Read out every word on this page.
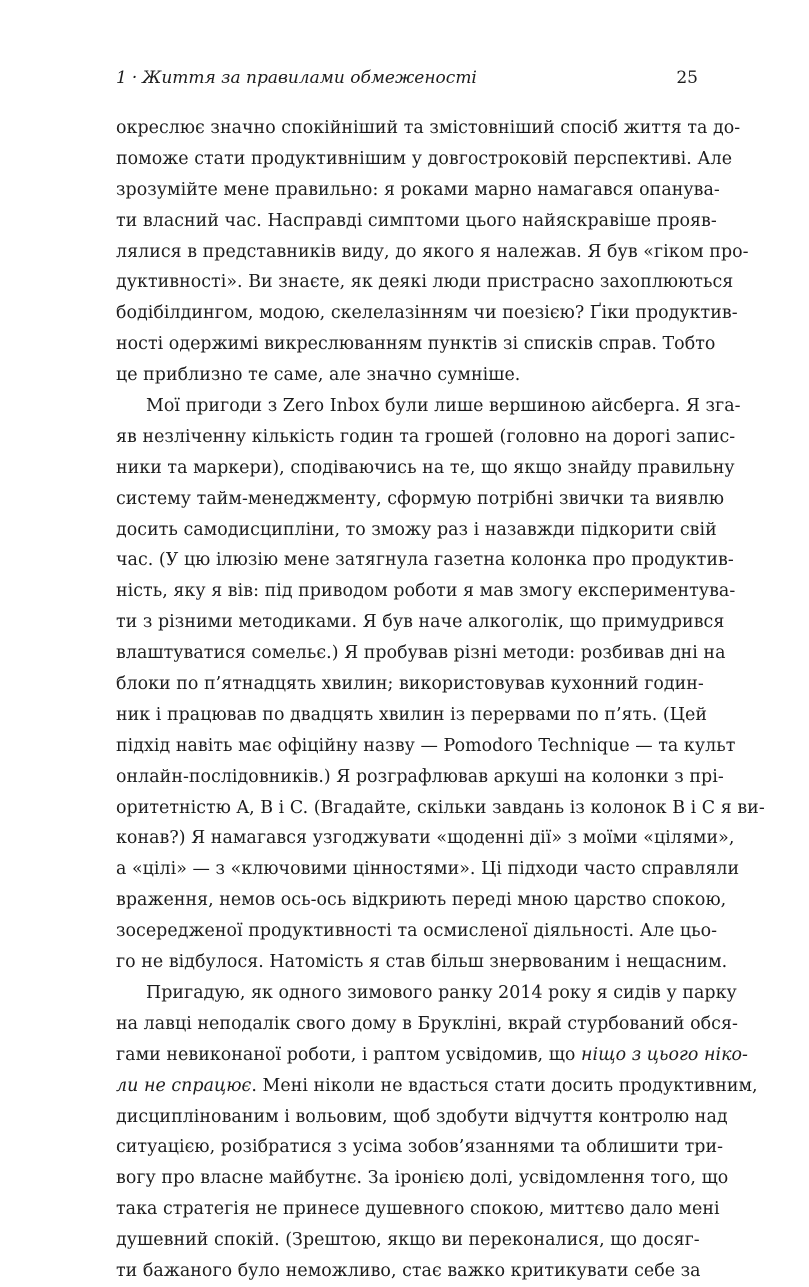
1 · Життя за правилами обмеженості	25
окреслює значно спокійніший та змістовніший спосіб життя та до-
поможе стати продуктивнішим у довгостроковій перспективі. Але
зрозумійте мене правильно: я роками марно намагався опанува-
ти власний час. Насправді симптоми цього найяскравіше прояв-
лялися в представників виду, до якого я належав. Я був «гіком про-
дуктивності». Ви знаєте, як деякі люди пристрасно захоплюються
бодібілдингом, модою, скелелазінням чи поезією? Ґіки продуктив-
ності одержимі викреслюванням пунктів зі списків справ. Тобто
це приблизно те саме, але значно сумніше.
Мої пригоди з Zero Inbox були лише вершиною айсберга. Я зга-
яв незліченну кількість годин та грошей (головно на дорогі запис-
ники та маркери), сподіваючись на те, що якщо знайду правильну
систему тайм-менеджменту, сформую потрібні звички та виявлю
досить самодисципліни, то зможу раз і назавжди підкорити свій
час. (У цю ілюзію мене затягнула газетна колонка про продуктив-
ність, яку я вів: під приводом роботи я мав змогу експериментува-
ти з різними методиками. Я був наче алкоголік, що примудрився
влаштуватися сомельє.) Я пробував різні методи: розбивав дні на
блоки по п’ятнадцять хвилин; використовував кухонний годин-
ник і працював по двадцять хвилин із перервами по п’ять. (Цей
підхід навіть має офіційну назву — Pomodoro Technique — та культ
онлайн-послідовників.) Я розграфлював аркуші на колонки з прі-
оритетністю A, B і C. (Вгадайте, скільки завдань із колонок B і C я ви-
конав?) Я намагався узгоджувати «щоденні дії» з моїми «цілями»,
а «цілі» — з «ключовими цінностями». Ці підходи часто справляли
враження, немов ось-ось відкриють переді мною царство спокою,
зосередженої продуктивності та осмисленої діяльності. Але цьо-
го не відбулося. Натомість я став більш знервованим і нещасним.
Пригадую, як одного зимового ранку 2014 року я сидів у парку
на лавці неподалік свого дому в Брукліні, вкрай стурбований обся-
гами невиконаної роботи, і раптом усвідомив, що ніщо з цього ніко-
ли не спрацює. Мені ніколи не вдасться стати досить продуктивним,
дисциплінованим і вольовим, щоб здобути відчуття контролю над
ситуацією, розібратися з усіма зобов’язаннями та облишити три-
вогу про власне майбутнє. За іронією долі, усвідомлення того, що
така стратегія не принесе душевного спокою, миттєво дало мені
душевний спокій. (Зрештою, якщо ви переконалися, що досяг-
ти бажаного було неможливо, стає важко критикувати себе за
